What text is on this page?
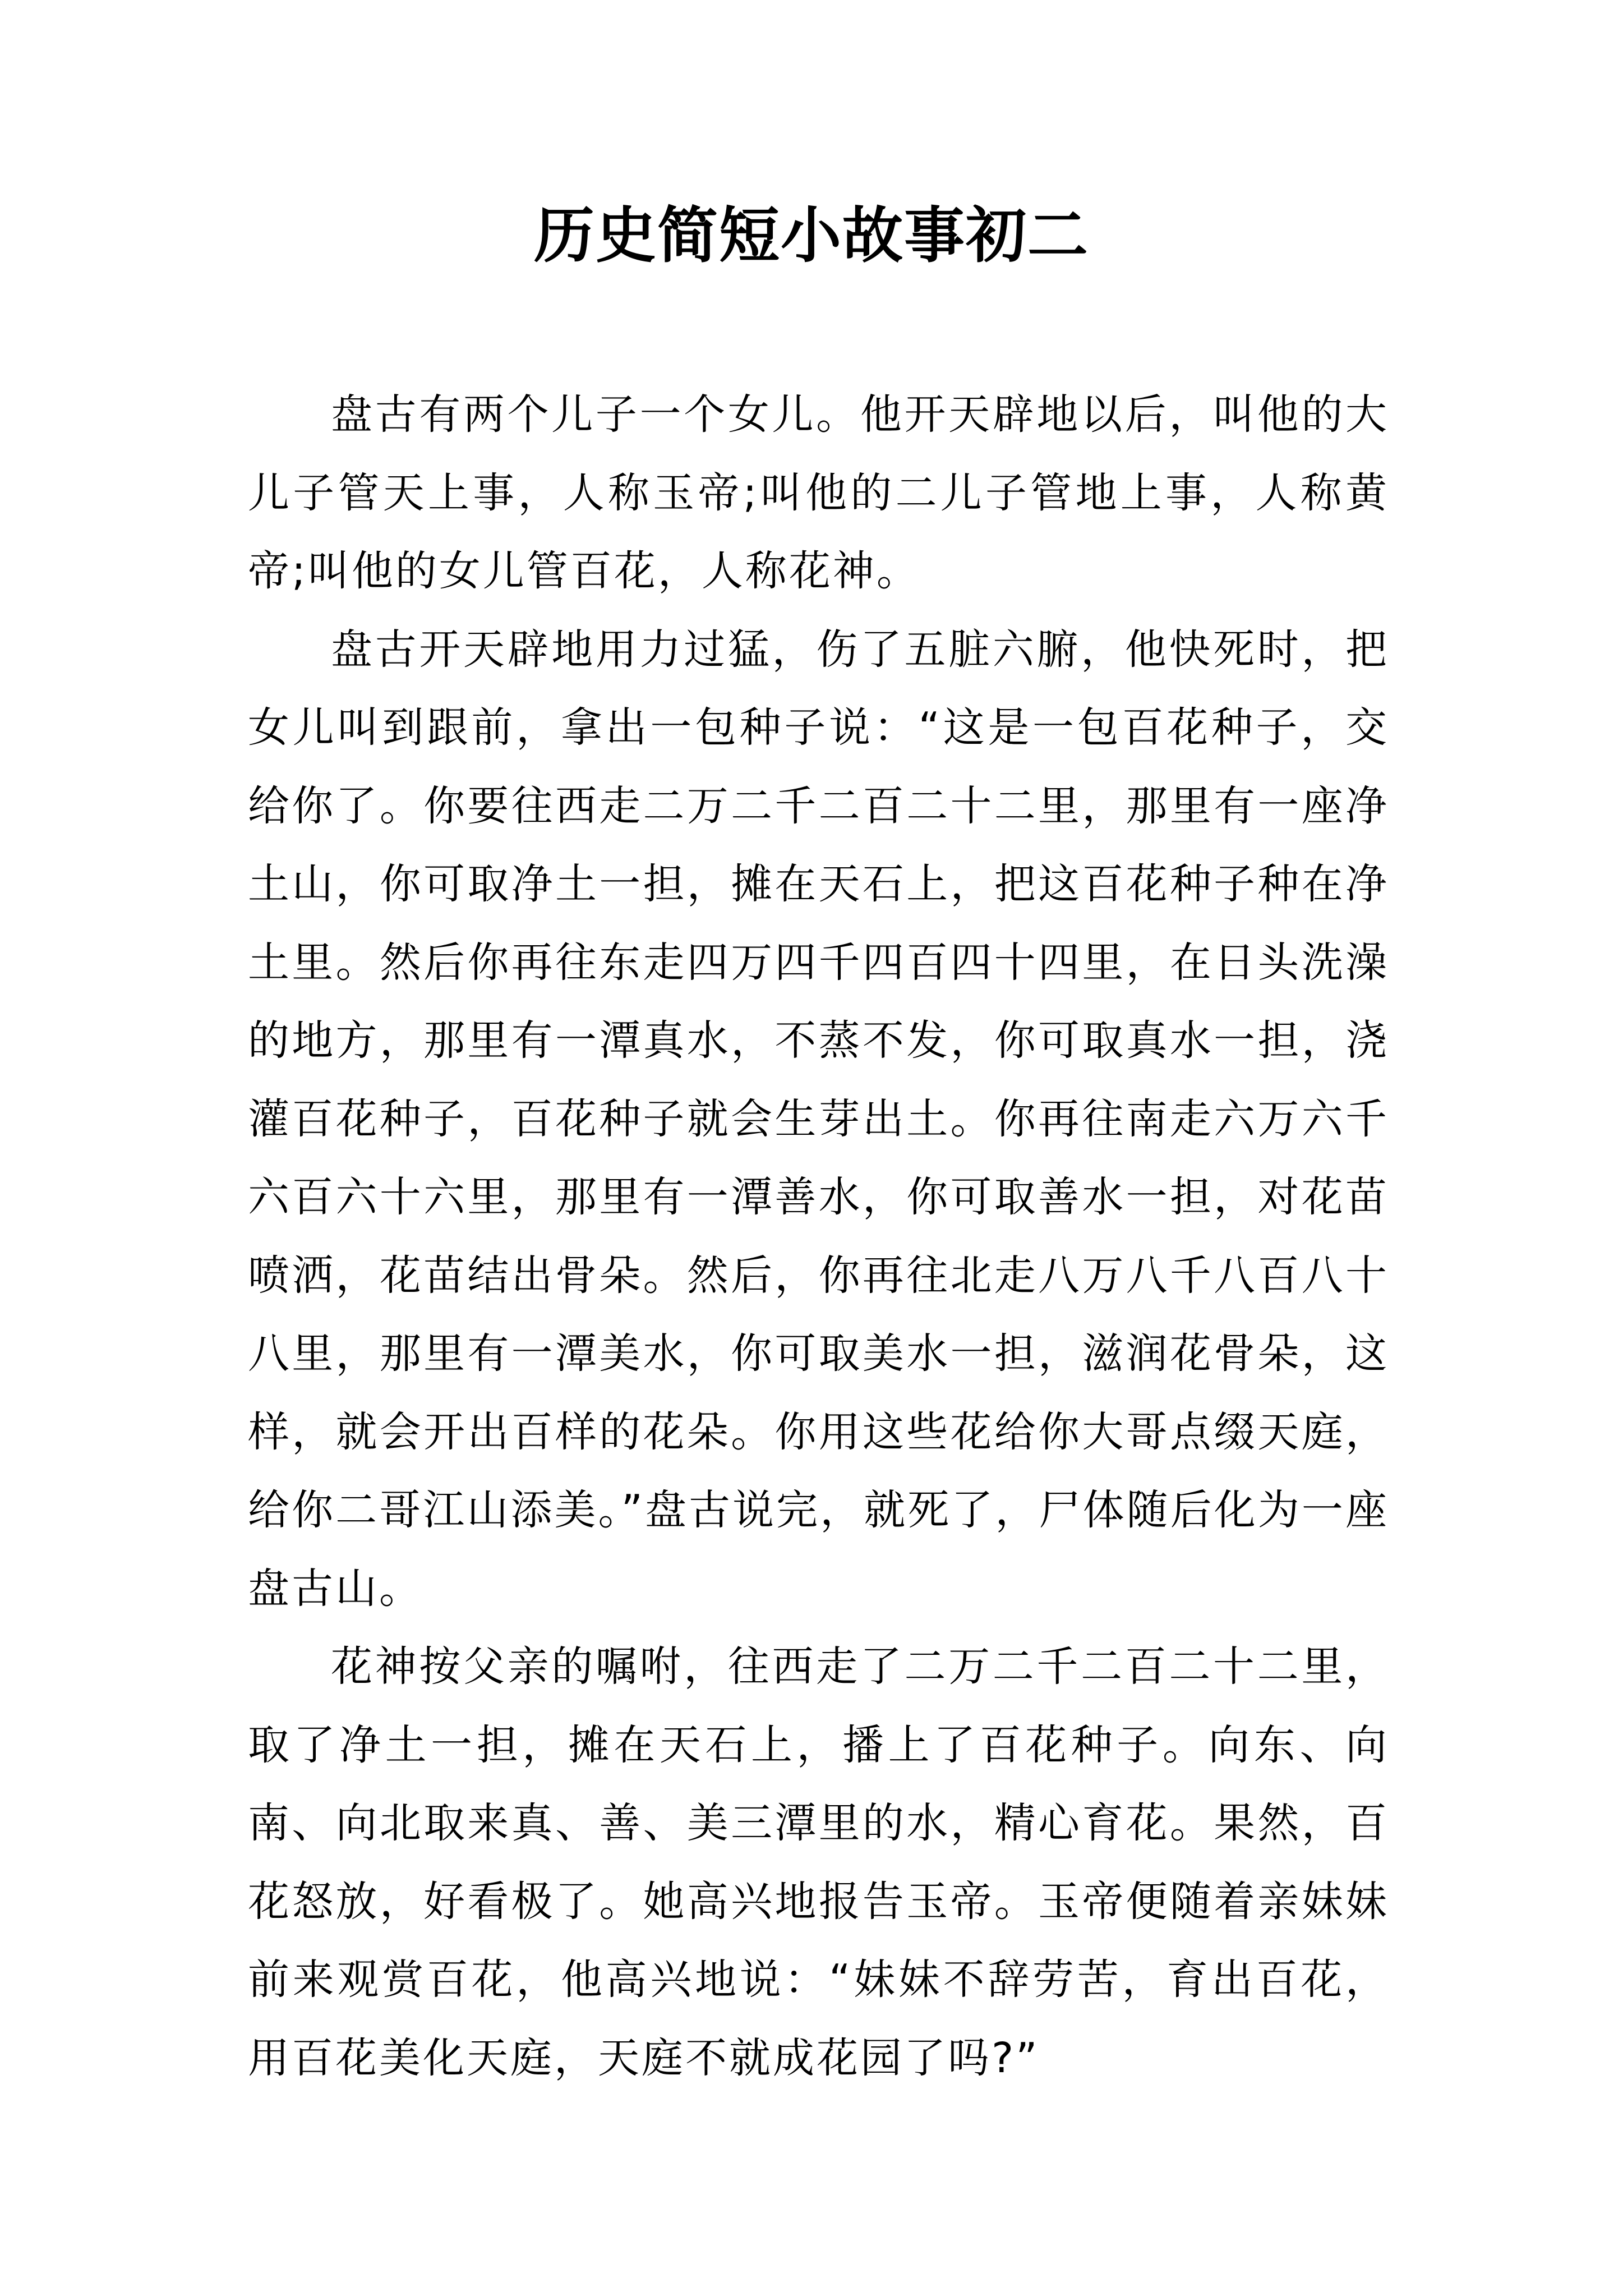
历史简短小故事初二

盘古有两个儿子一个女儿。他开天辟地以后，叫他的大儿子管天上事，人称玉帝;叫他的二儿子管地上事，人称黄帝;叫他的女儿管百花，人称花神。

盘古开天辟地用力过猛，伤了五脏六腑，他快死时，把女儿叫到跟前，拿出一包种子说：“这是一包百花种子，交给你了。你要往西走二万二千二百二十二里，那里有一座净土山，你可取净土一担，摊在天石上，把这百花种子种在净土里。然后你再往东走四万四千四百四十四里，在日头洗澡的地方，那里有一潭真水，不蒸不发，你可取真水一担，浇灌百花种子，百花种子就会生芽出土。你再往南走六万六千六百六十六里，那里有一潭善水，你可取善水一担，对花苗喷洒，花苗结出骨朵。然后，你再往北走八万八千八百八十八里，那里有一潭美水，你可取美水一担，滋润花骨朵，这样，就会开出百样的花朵。你用这些花给你大哥点缀天庭，给你二哥江山添美。”盘古说完，就死了，尸体随后化为一座盘古山。

花神按父亲的嘱咐，往西走了二万二千二百二十二里，取了净土一担，摊在天石上，播上了百花种子。向东、向南、向北取来真、善、美三潭里的水，精心育花。果然，百花怒放，好看极了。她高兴地报告玉帝。玉帝便随着亲妹妹前来观赏百花，他高兴地说：“妹妹不辞劳苦，育出百花，用百花美化天庭，天庭不就成花园了吗?”
